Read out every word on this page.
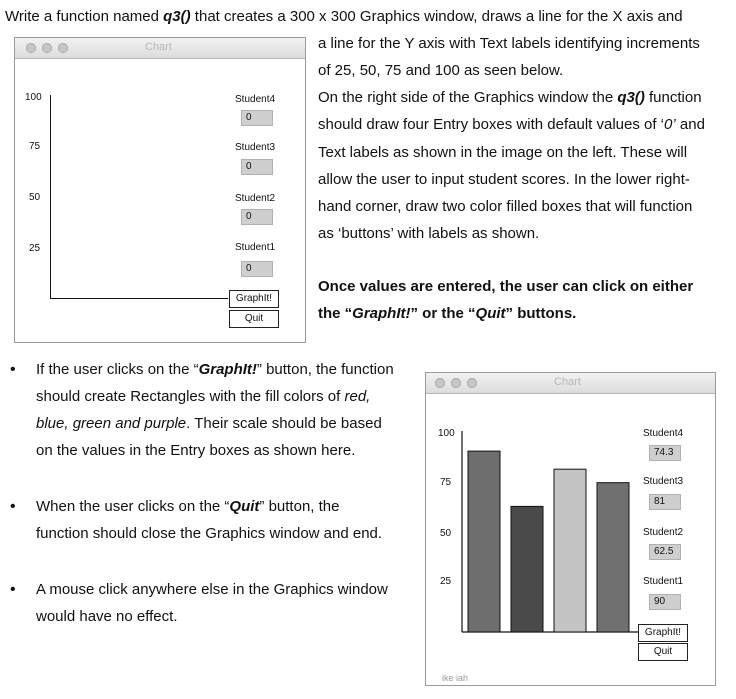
Write a function named q3() that creates a 300 x 300 Graphics window, draws a line for the X axis and
a line for the Y axis with Text labels identifying increments
of 25, 50, 75 and 100 as seen below.
On the right side of the Graphics window the q3() function
should draw four Entry boxes with default values of ‘0’ and
Text labels as shown in the image on the left. These will
allow the user to input student scores. In the lower right-
hand corner, draw two color filled boxes that will function
as ‘buttons’ with labels as shown.
Once values are entered, the user can click on either
the “GraphIt!” or the “Quit” buttons.
Chart
100
75
50
25
Student4
0
Student3
0
Student2
0
Student1
0
GraphIt!
Quit
• If the user clicks on the “GraphIt!” button, the function
should create Rectangles with the fill colors of red,
blue, green and purple. Their scale should be based
on the values in the Entry boxes as shown here.
• When the user clicks on the “Quit” button, the
function should close the Graphics window and end.
• A mouse click anywhere else in the Graphics window
would have no effect.
Chart
100
75
50
25
Student4
74.3
Student3
81
Student2
62.5
Student1
90
GraphIt!
Quit
ike iah
